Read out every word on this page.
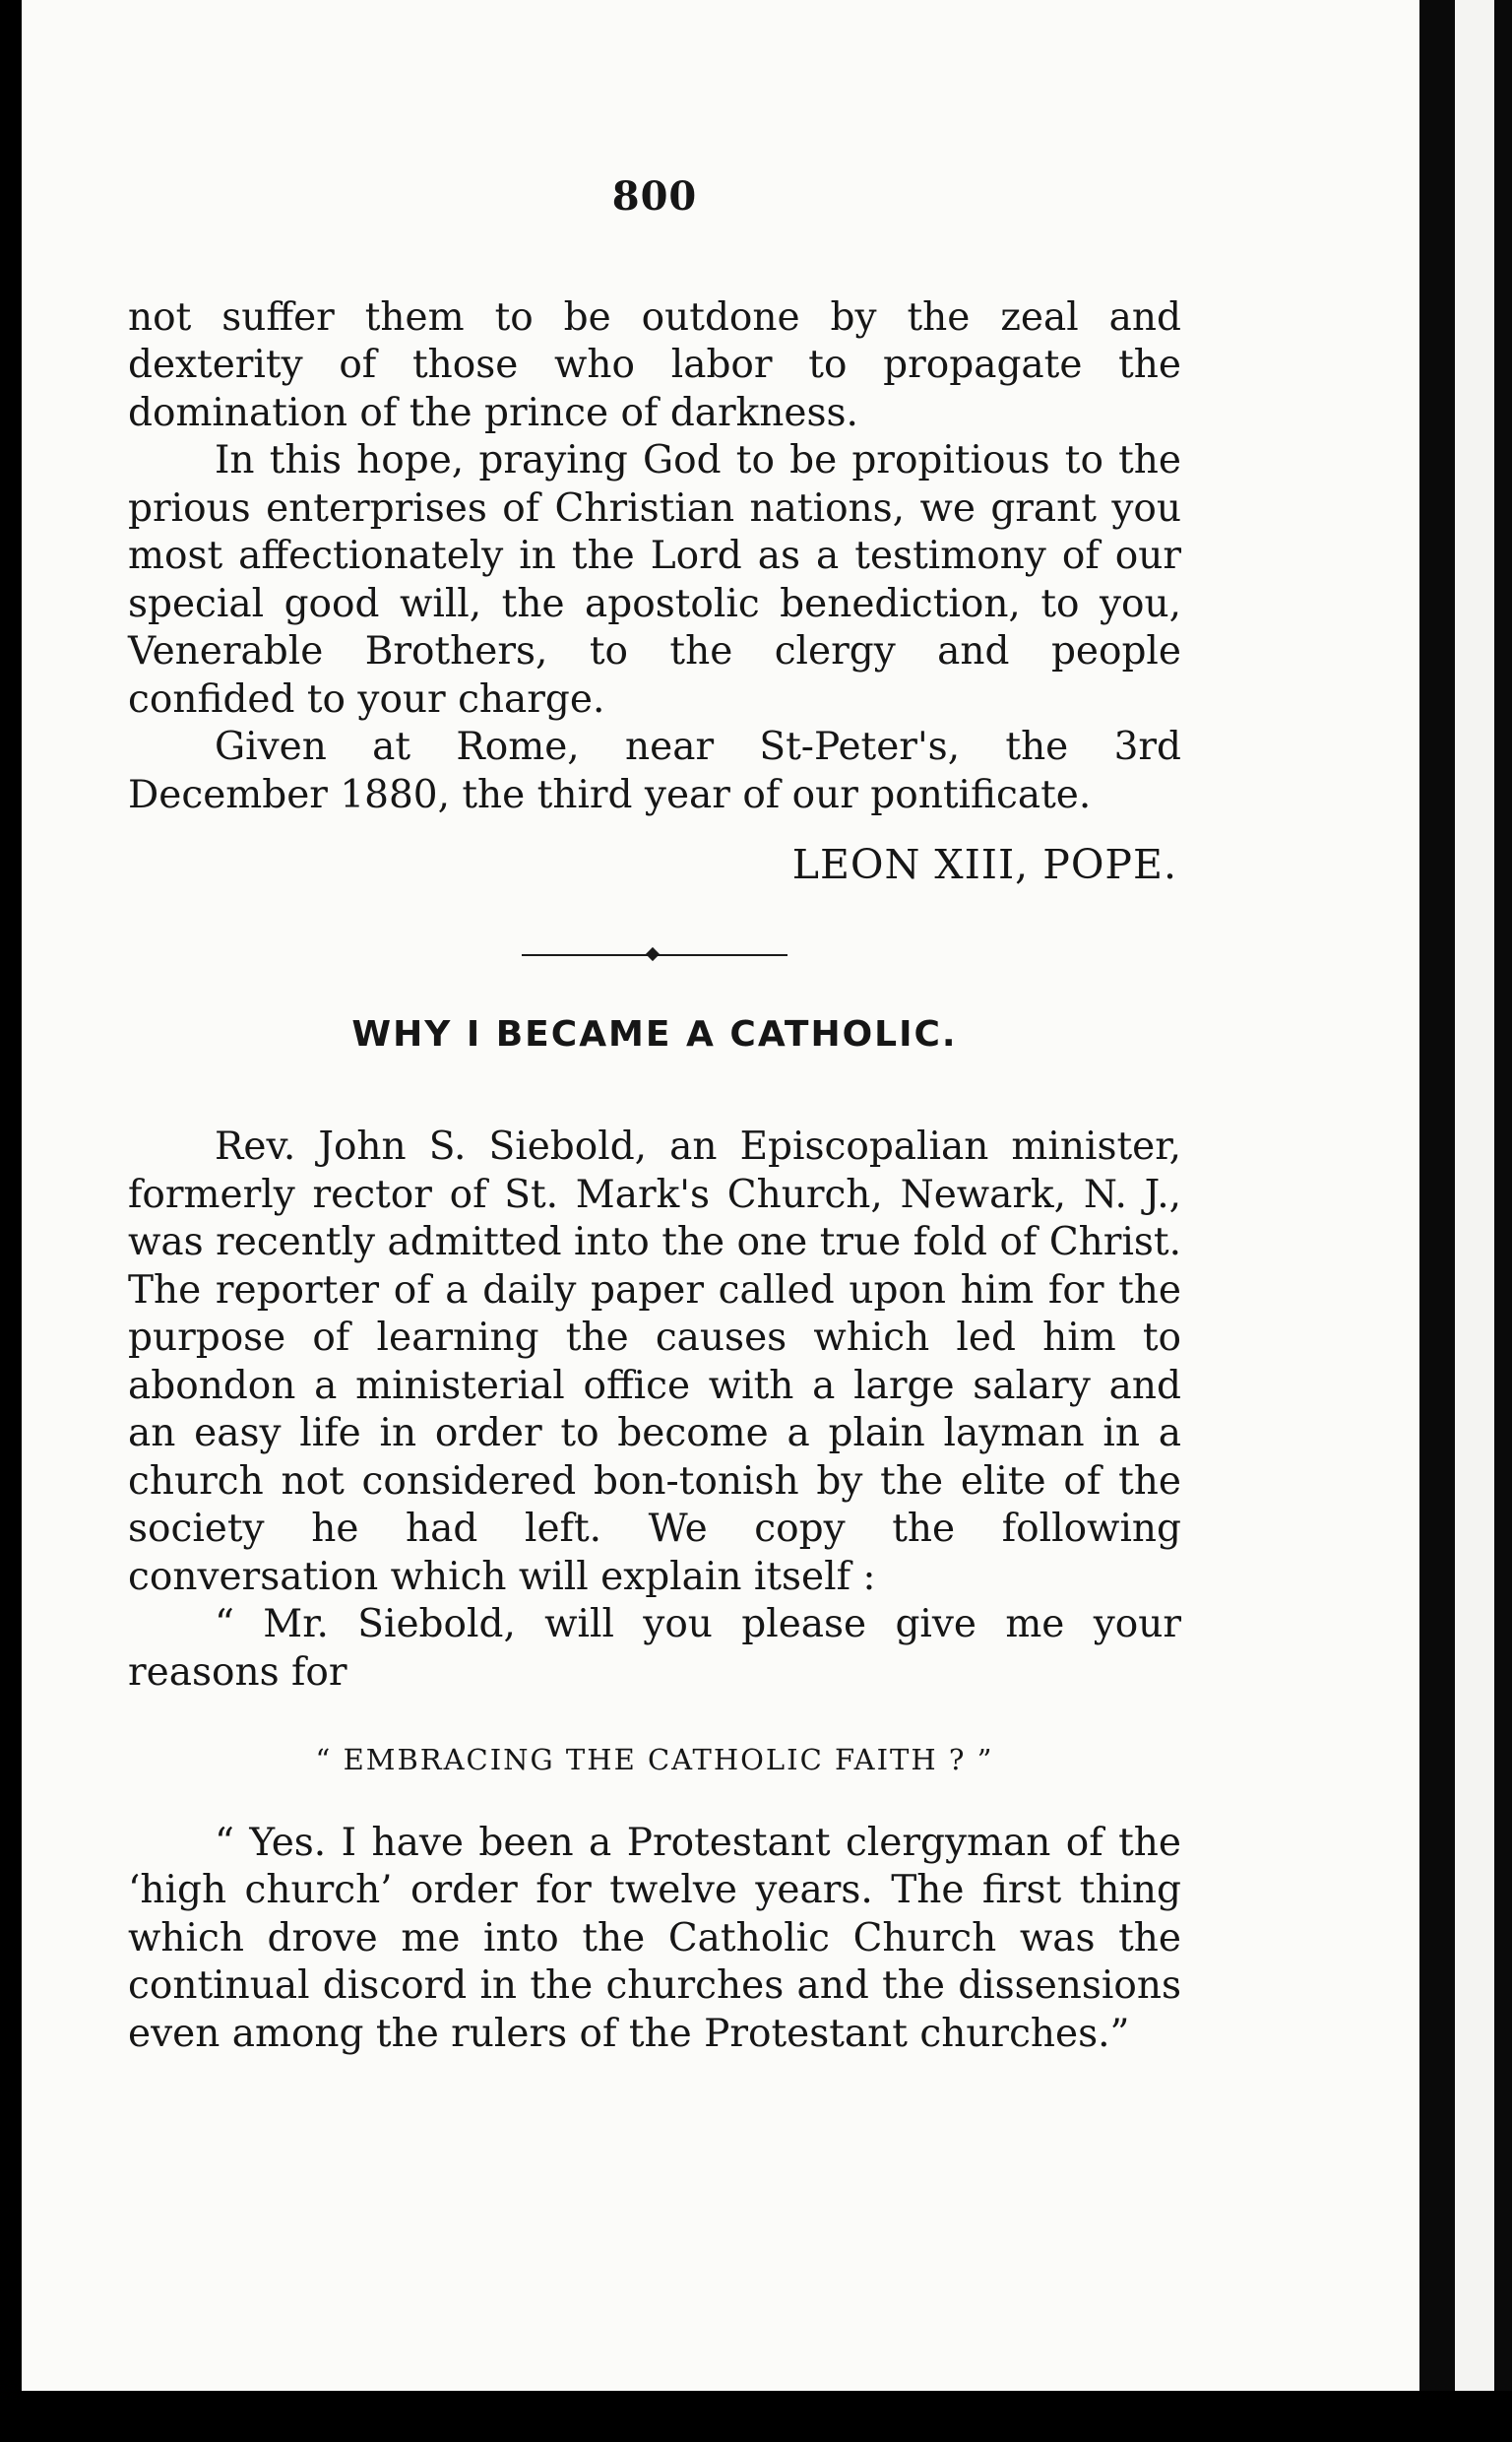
800

not suffer them to be outdone by the zeal and dexterity of those who labor to propagate the domination of the prince of darkness.

In this hope, praying God to be propitious to the prious enterprises of Christian nations, we grant you most affectionately in the Lord as a testimony of our special good will, the apostolic benediction, to you, Venerable Brothers, to the clergy and people confided to your charge.

Given at Rome, near St-Peter's, the 3rd December 1880, the third year of our pontificate.

LEON XIII, POPE.
WHY I BECAME A CATHOLIC.

Rev. John S. Siebold, an Episcopalian minister, formerly rector of St. Mark's Church, Newark, N. J., was recently admitted into the one true fold of Christ. The reporter of a daily paper called upon him for the purpose of learning the causes which led him to abondon a ministerial office with a large salary and an easy life in order to become a plain layman in a church not considered bon-tonish by the elite of the society he had left. We copy the following conversation which will explain itself :

“ Mr. Siebold, will you please give me your reasons for

“ EMBRACING THE CATHOLIC FAITH ? ”

“ Yes. I have been a Protestant clergyman of the ‘high church’ order for twelve years. The first thing which drove me into the Catholic Church was the continual discord in the churches and the dissensions even among the rulers of the Protestant churches.”
